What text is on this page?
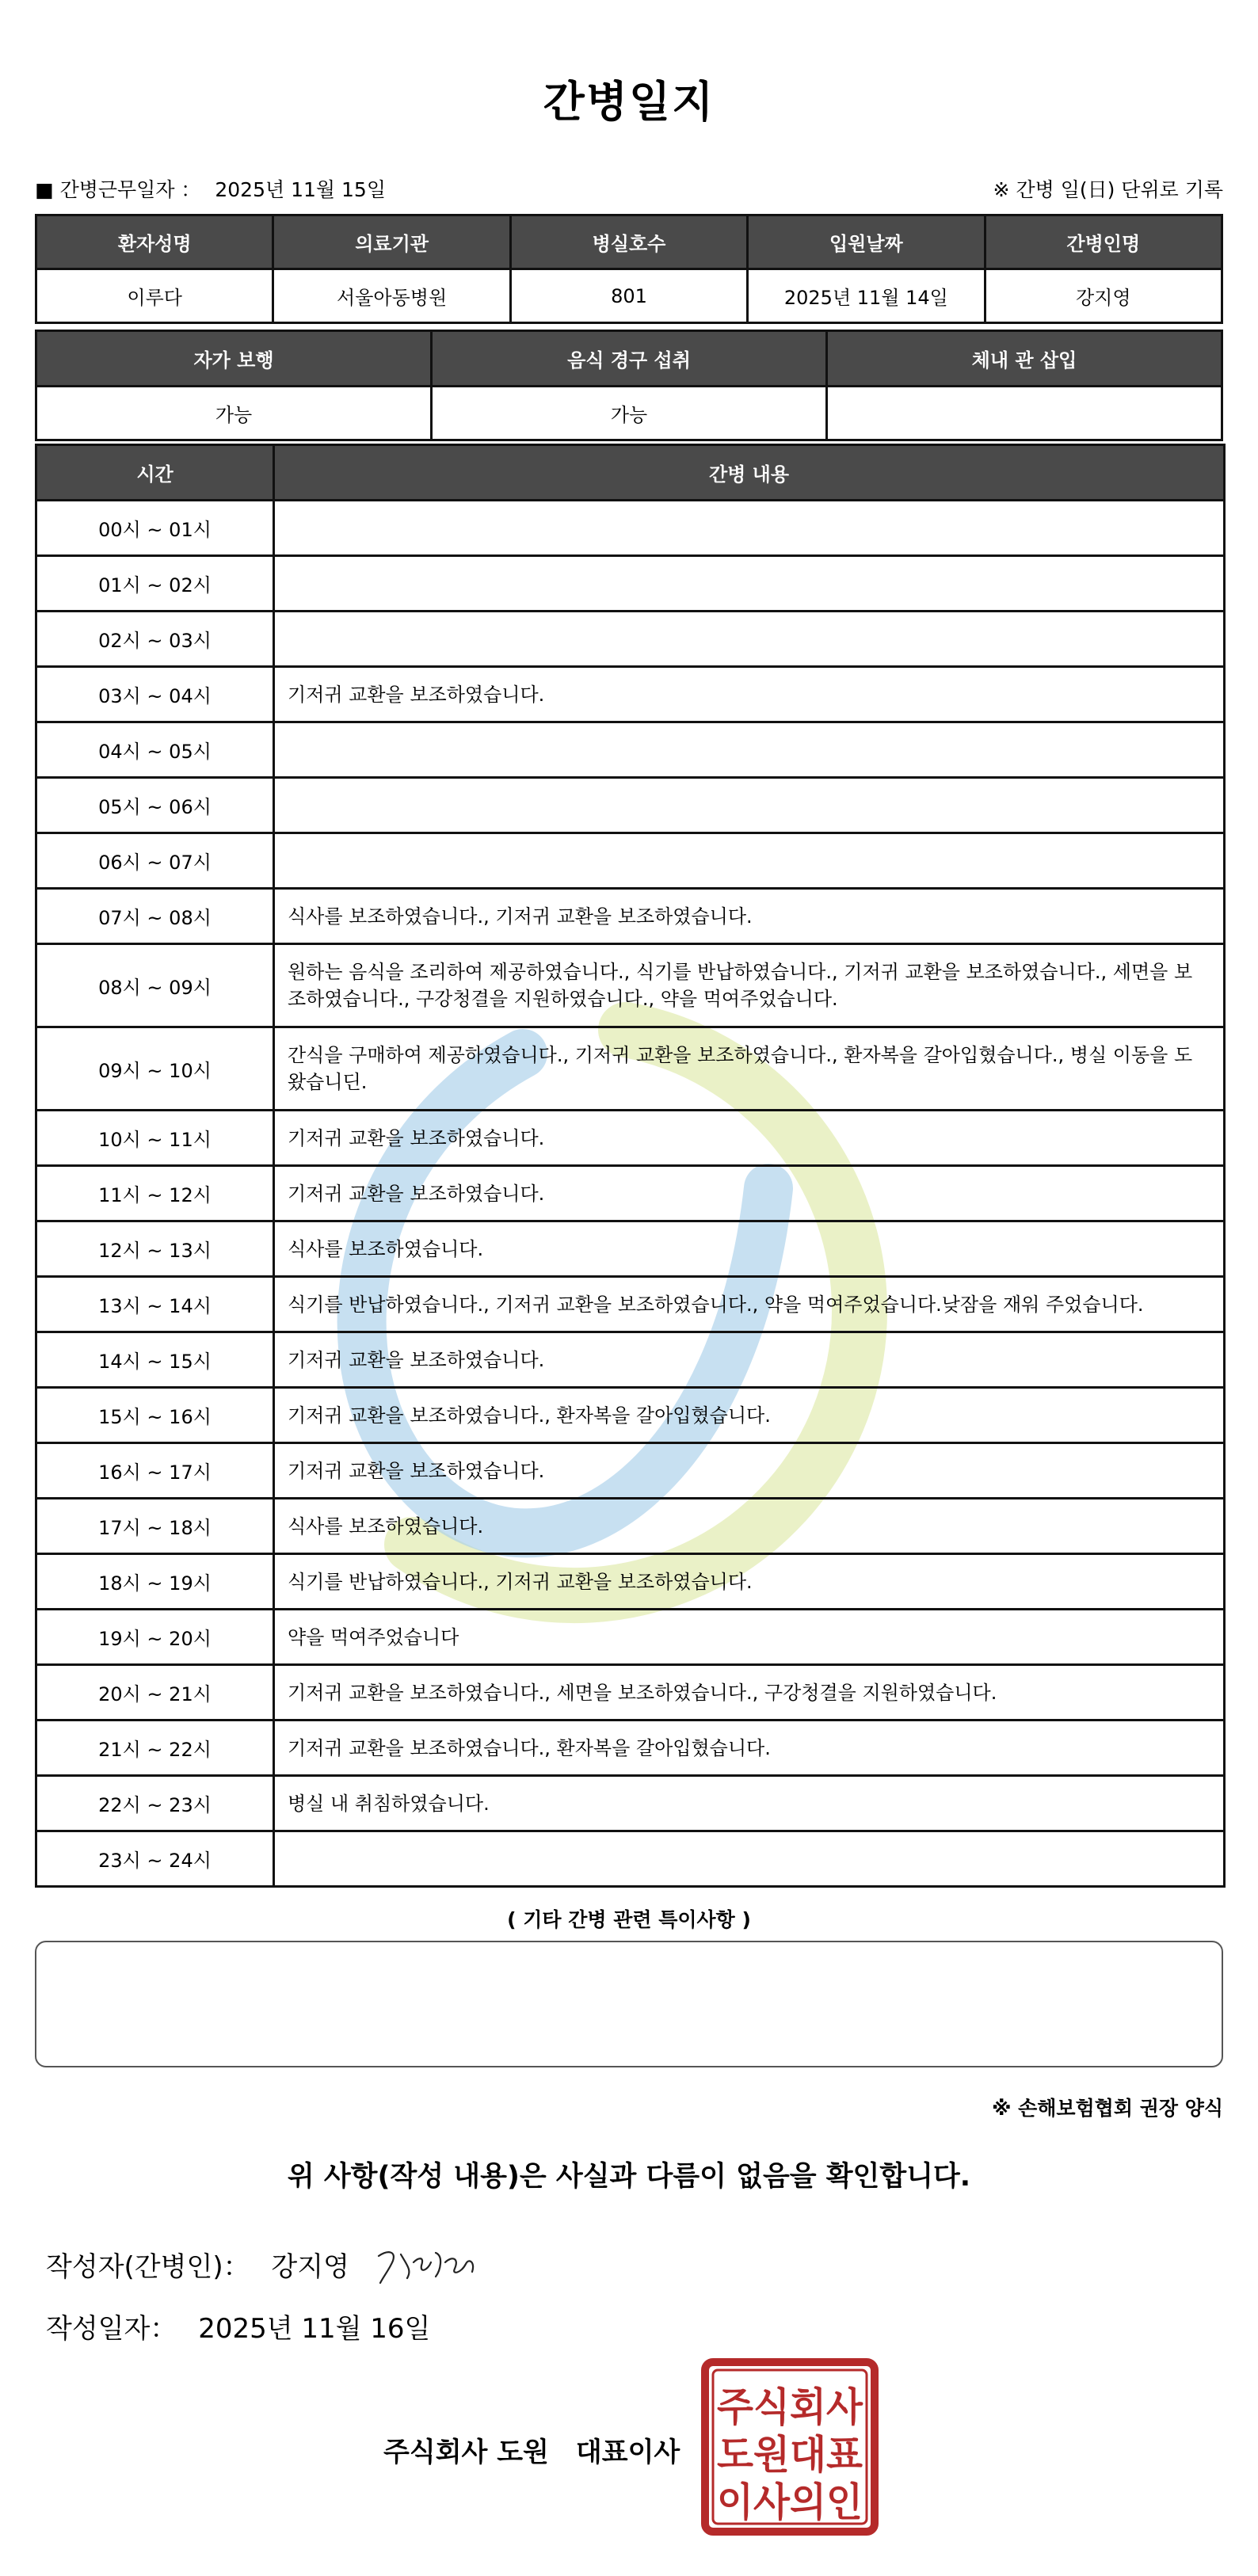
간병일지
■ 간병근무일자 ： 2025년 11월 15일	※ 간병 일(日) 단위로 기록
환자성명	의료기관	병실호수	입원날짜	간병인명
이루다	서울아동병원	801	2025년 11월 14일	강지영
자가 보행	음식 경구 섭취	체내 관 삽입
가능	가능	
시간	간병 내용
00시 ~ 01시	
01시 ~ 02시	
02시 ~ 03시	
03시 ~ 04시	기저귀 교환을 보조하였습니다.
04시 ~ 05시	
05시 ~ 06시	
06시 ~ 07시	
07시 ~ 08시	식사를 보조하였습니다., 기저귀 교환을 보조하였습니다.
08시 ~ 09시	원하는 음식을 조리하여 제공하였습니다., 식기를 반납하였습니다., 기저귀 교환을 보조하였습니다., 세면을 보조하였습니다., 구강청결을 지원하였습니다., 약을 먹여주었습니다.
09시 ~ 10시	간식을 구매하여 제공하였습니다., 기저귀 교환을 보조하였습니다., 환자복을 갈아입혔습니다., 병실 이동을 도왔습니딘.
10시 ~ 11시	기저귀 교환을 보조하였습니다.
11시 ~ 12시	기저귀 교환을 보조하였습니다.
12시 ~ 13시	식사를 보조하였습니다.
13시 ~ 14시	식기를 반납하였습니다., 기저귀 교환을 보조하였습니다., 약을 먹여주었습니다.낮잠을 재워 주었습니다.
14시 ~ 15시	기저귀 교환을 보조하였습니다.
15시 ~ 16시	기저귀 교환을 보조하였습니다., 환자복을 갈아입혔습니다.
16시 ~ 17시	기저귀 교환을 보조하였습니다.
17시 ~ 18시	식사를 보조하였습니다.
18시 ~ 19시	식기를 반납하였습니다., 기저귀 교환을 보조하였습니다.
19시 ~ 20시	약을 먹여주었습니다
20시 ~ 21시	기저귀 교환을 보조하였습니다., 세면을 보조하였습니다., 구강청결을 지원하였습니다.
21시 ~ 22시	기저귀 교환을 보조하였습니다., 환자복을 갈아입혔습니다.
22시 ~ 23시	병실 내 취침하였습니다.
23시 ~ 24시	
( 기타 간병 관련 특이사항 )
※ 손해보험협회 권장 양식
위 사항(작성 내용)은 사실과 다름이 없음을 확인합니다.
작성자(간병인)： 강지영
작성일자： 2025년 11월 16일
주식회사 도원　대표이사
주식회사
도원대표
이사의인
